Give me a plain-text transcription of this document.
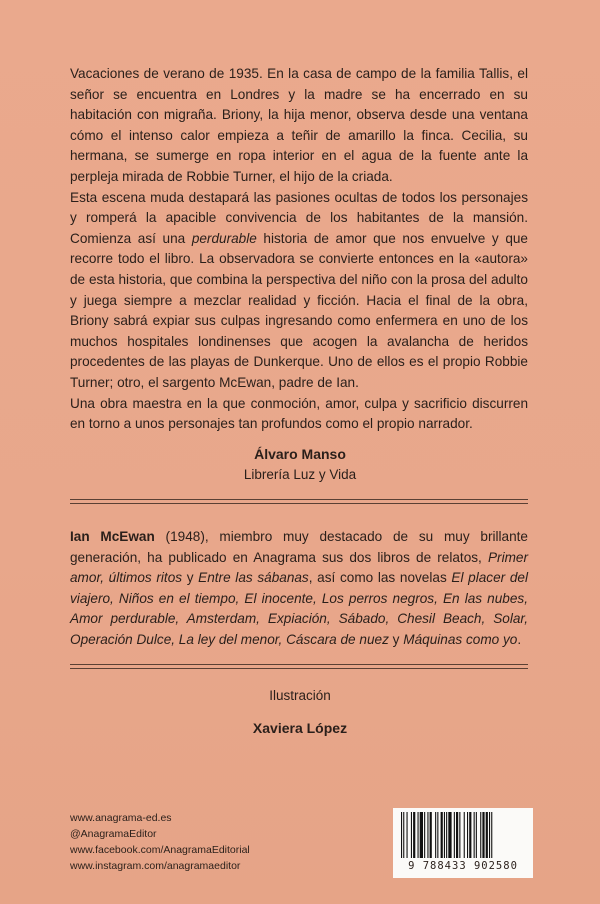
Vacaciones de verano de 1935. En la casa de campo de la familia Tallis, el señor se encuentra en Londres y la madre se ha encerrado en su habitación con migraña. Briony, la hija menor, observa desde una ventana cómo el intenso calor empieza a teñir de amarillo la finca. Cecilia, su hermana, se sumerge en ropa interior en el agua de la fuente ante la perpleja mirada de Robbie Turner, el hijo de la criada.

Esta escena muda destapará las pasiones ocultas de todos los personajes y romperá la apacible convivencia de los habitantes de la mansión. Comienza así una perdurable historia de amor que nos envuelve y que recorre todo el libro. La observadora se convierte entonces en la «autora» de esta historia, que combina la perspectiva del niño con la prosa del adulto y juega siempre a mezclar realidad y ficción. Hacia el final de la obra, Briony sabrá expiar sus culpas ingresando como enfermera en uno de los muchos hospitales londinenses que acogen la avalancha de heridos procedentes de las playas de Dunkerque. Uno de ellos es el propio Robbie Turner; otro, el sargento McEwan, padre de Ian.

Una obra maestra en la que conmoción, amor, culpa y sacrificio discurren en torno a unos personajes tan profundos como el propio narrador.

Álvaro Manso
Librería Luz y Vida
Ian McEwan (1948), miembro muy destacado de su muy brillante generación, ha publicado en Anagrama sus dos libros de relatos, Primer amor, últimos ritos y Entre las sábanas, así como las novelas El placer del viajero, Niños en el tiempo, El inocente, Los perros negros, En las nubes, Amor perdurable, Amsterdam, Expiación, Sábado, Chesil Beach, Solar, Operación Dulce, La ley del menor, Cáscara de nuez y Máquinas como yo.
Ilustración
Xaviera López
www.anagrama-ed.es
@AnagramaEditor
www.facebook.com/AnagramaEditorial
www.instagram.com/anagramaeditor	9 788433 902580
